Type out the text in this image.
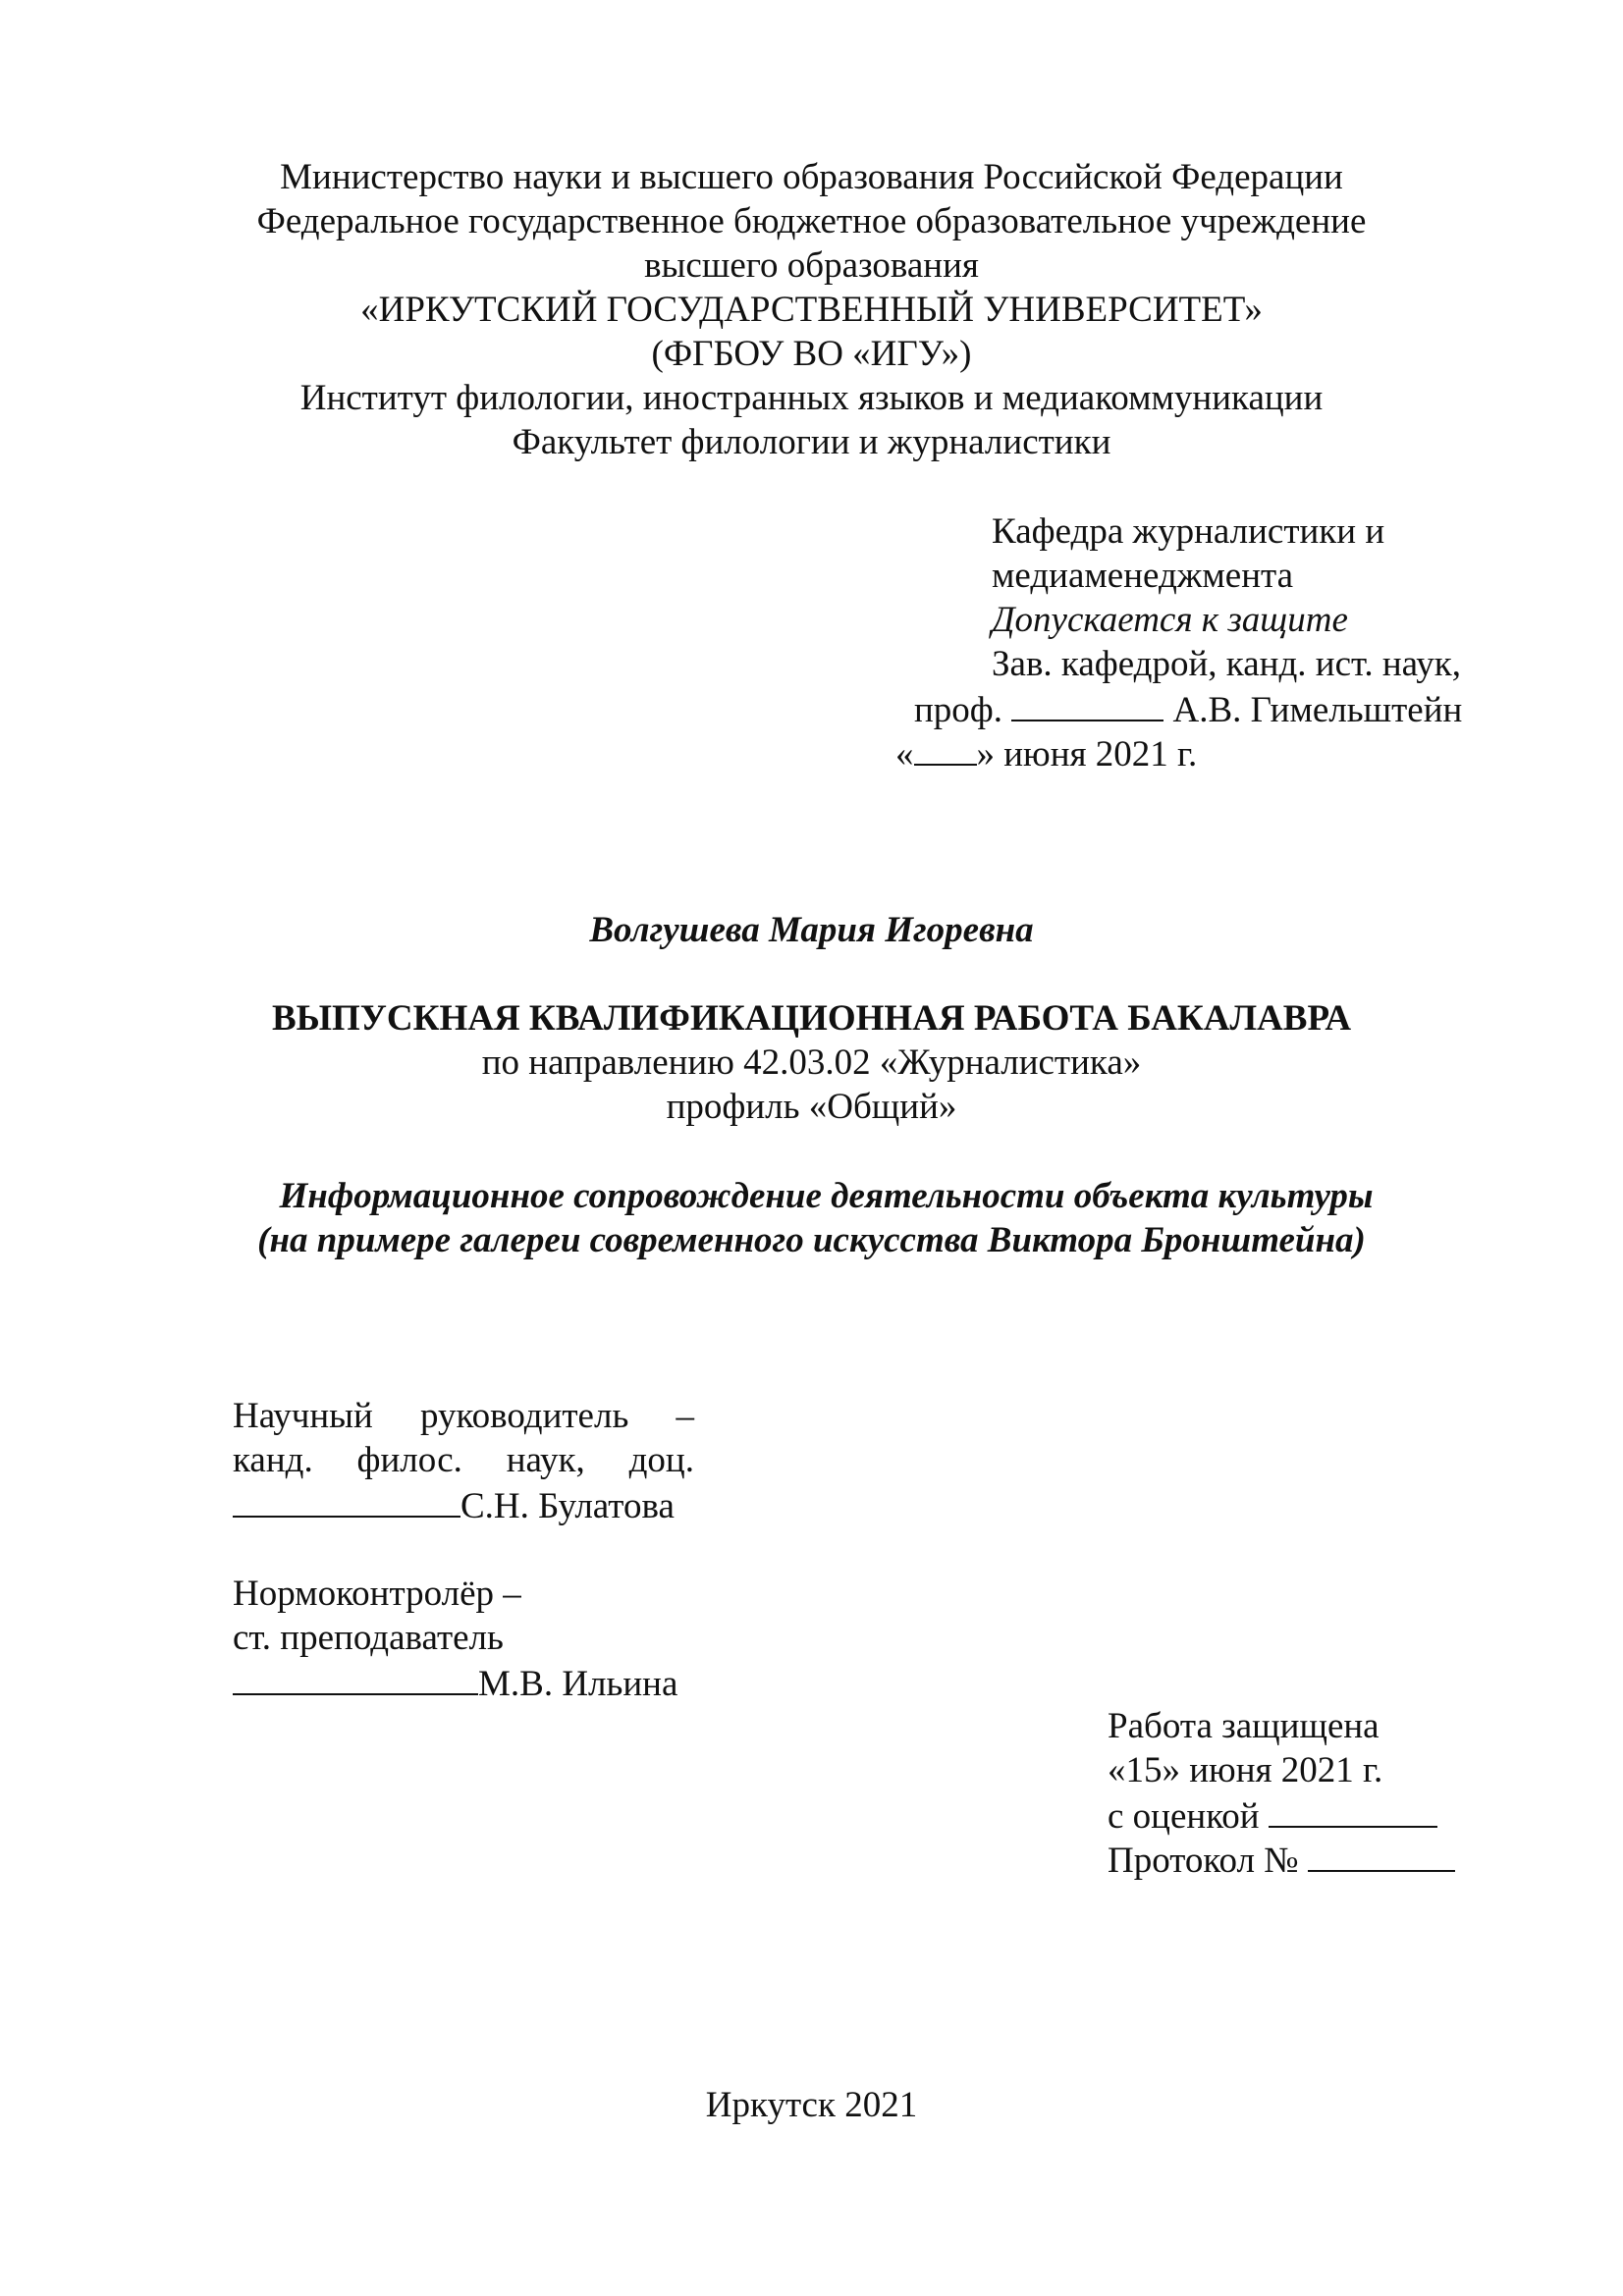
Министерство науки и высшего образования Российской Федерации

Федеральное государственное бюджетное образовательное учреждение

высшего образования

«ИРКУТСКИЙ ГОСУДАРСТВЕННЫЙ УНИВЕРСИТЕТ»

(ФГБОУ ВО «ИГУ»)

Институт филологии, иностранных языков и медиакоммуникации

Факультет филологии и журналистики

Кафедра журналистики и

медиаменеджмента

Допускается к защите

Зав. кафедрой, канд. ист. наук,

проф.	А.В. Гимельштейн

« » июня 2021 г.

Волгушева Мария Игоревна

ВЫПУСКНАЯ КВАЛИФИКАЦИОННАЯ РАБОТА БАКАЛАВРА

по направлению 42.03.02 «Журналистика»

профиль «Общий»

Информационное сопровождение деятельности объекта культуры

(на примере галереи современного искусства Виктора Бронштейна)

Научный руководитель –
канд. филос. наук, доц.

С.Н. Булатова

Нормоконтролёр –

ст. преподаватель

М.В. Ильина

Работа защищена

«15» июня 2021 г.

с оценкой

Протокол №

Иркутск 2021
